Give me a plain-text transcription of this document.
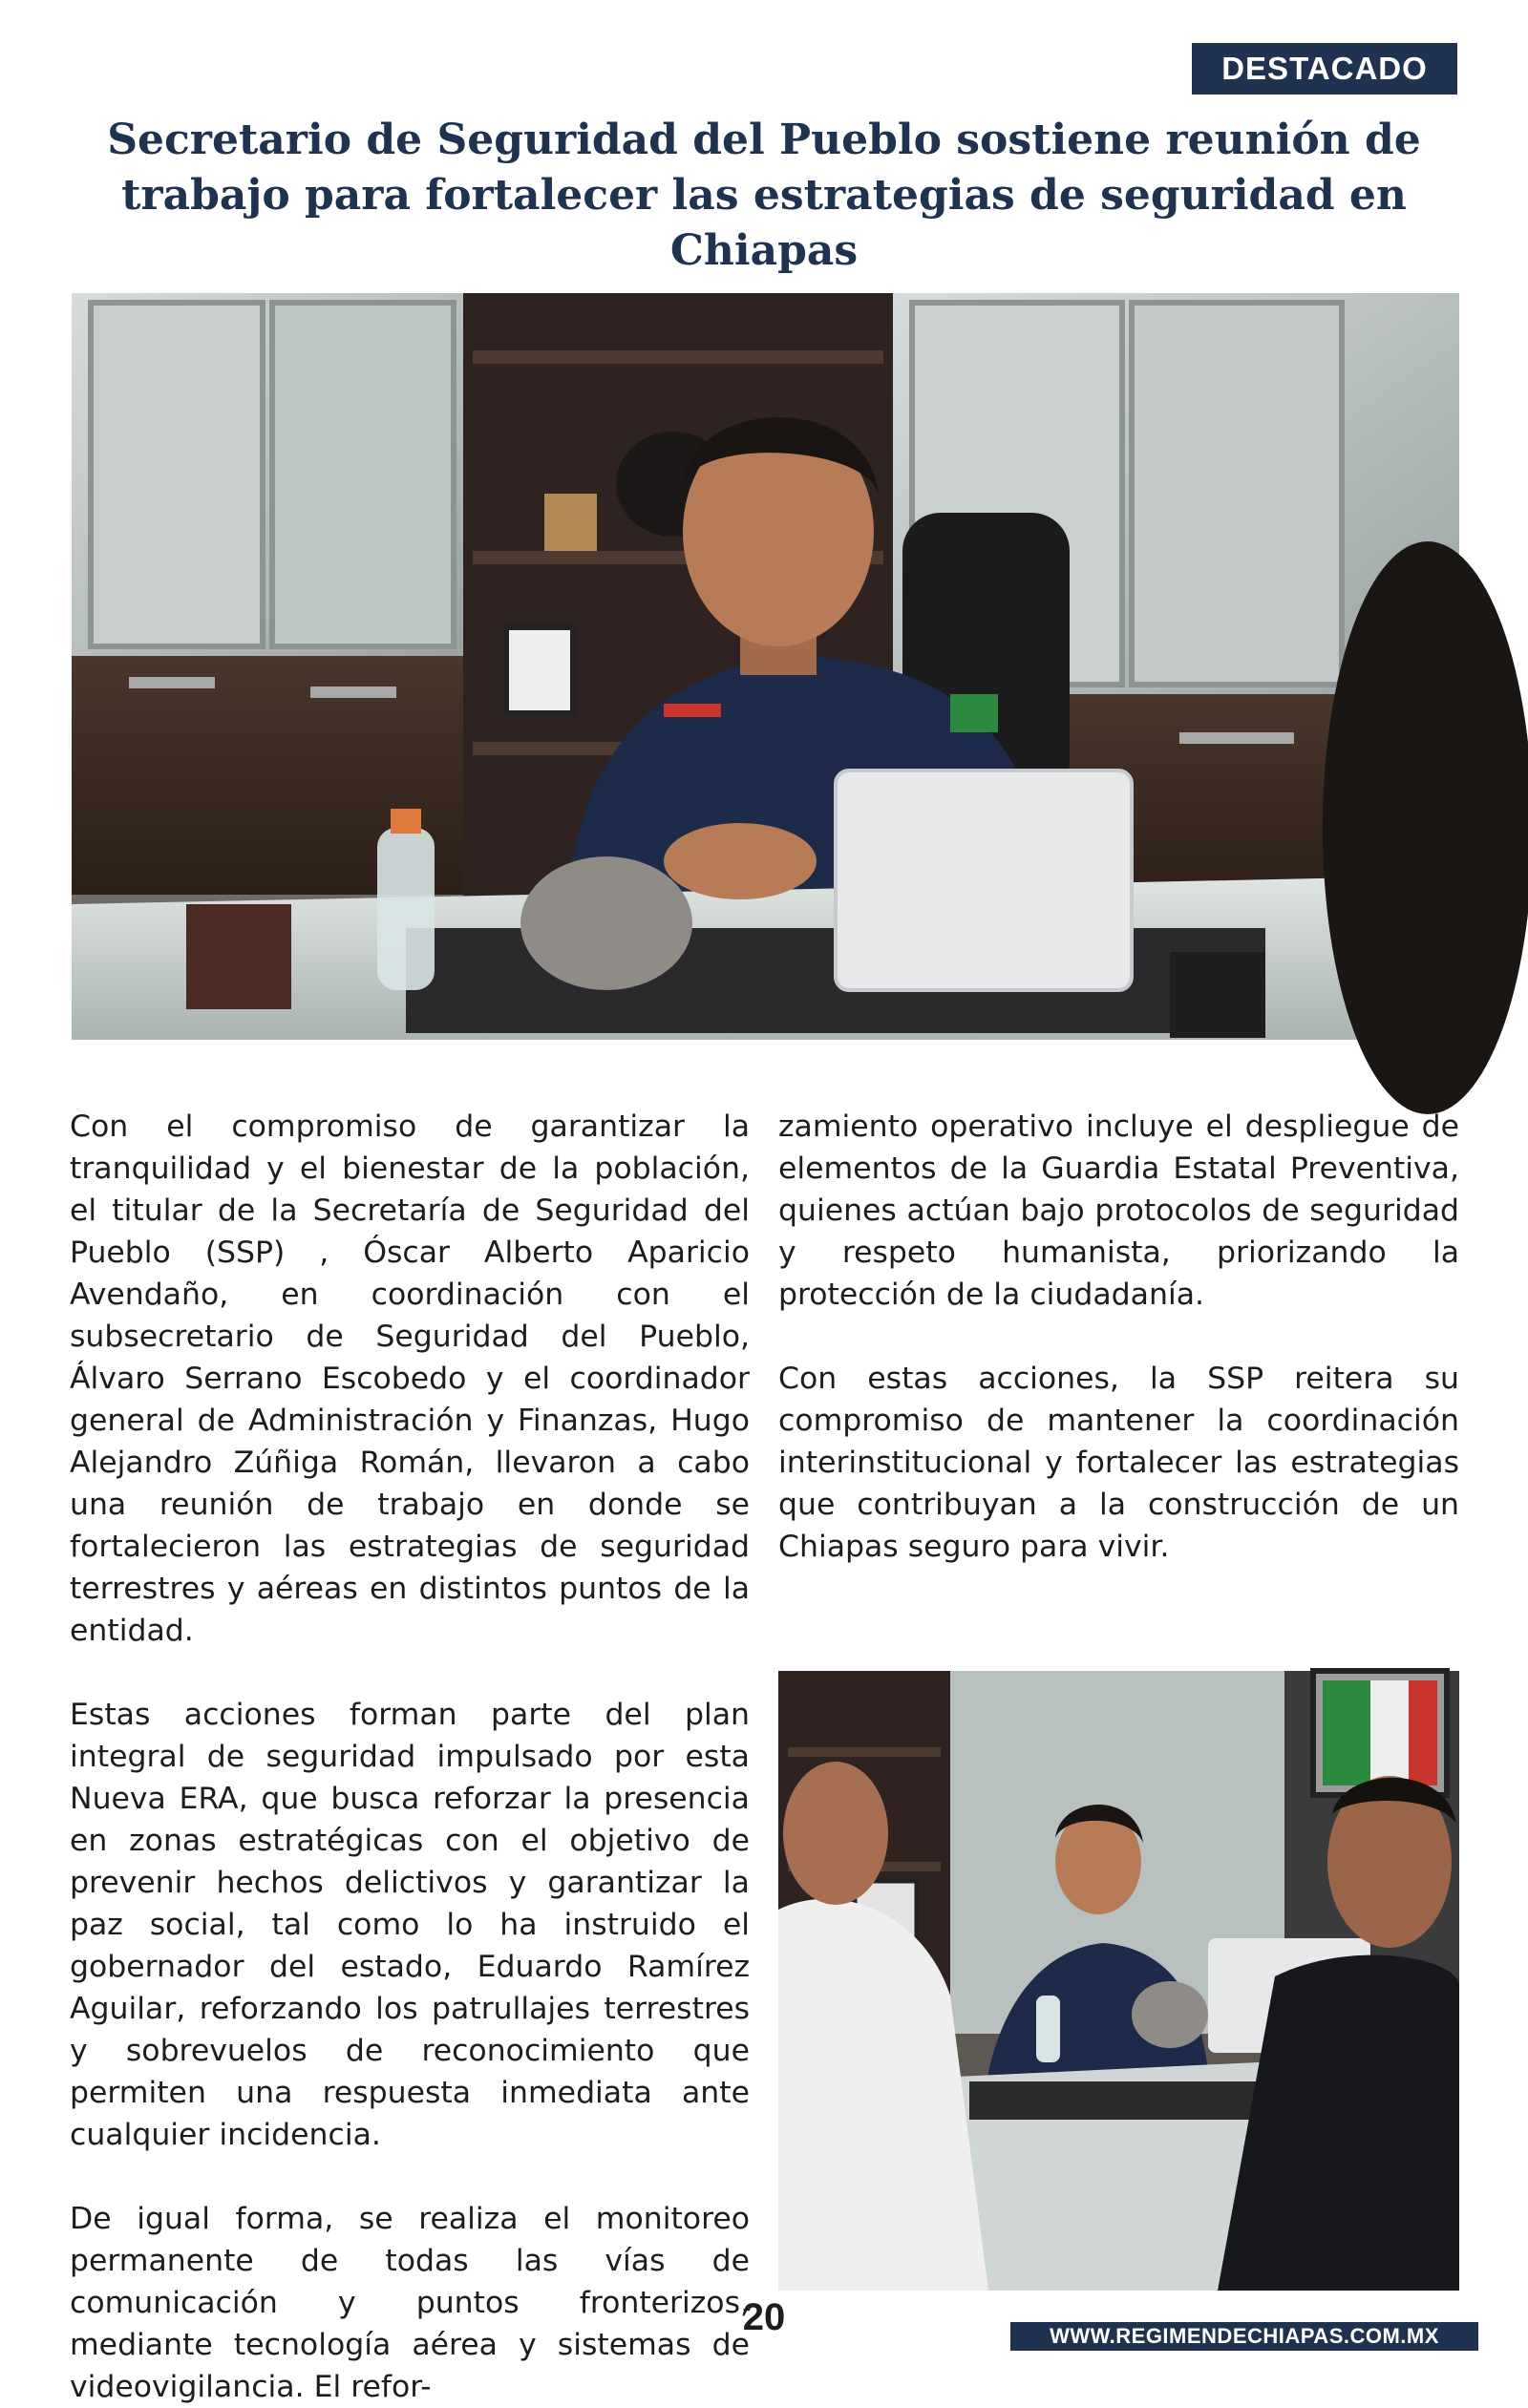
DESTACADO
Secretario de Seguridad del Pueblo sostiene reunión de trabajo para fortalecer las estrategias de seguridad en Chiapas

Con el compromiso de garantizar la tranquilidad y el bienestar de la población, el titular de la Secretaría de Seguridad del Pueblo (SSP) , Óscar Alberto Aparicio Avendaño, en coordinación con el subsecretario de Seguridad del Pueblo, Álvaro Serrano Escobedo y el coordinador general de Administración y Finanzas, Hugo Alejandro Zúñiga Román, llevaron a cabo una reunión de trabajo en donde se fortalecieron las estrategias de seguridad terrestres y aéreas en distintos puntos de la entidad.

Estas acciones forman parte del plan integral de seguridad impulsado por esta Nueva ERA, que busca reforzar la presencia en zonas estratégicas con el objetivo de prevenir hechos delictivos y garantizar la paz social, tal como lo ha instruido el gobernador del estado, Eduardo Ramírez Aguilar, reforzando los patrullajes terrestres y sobrevuelos de reconocimiento que permiten una respuesta inmediata ante cualquier incidencia.

De igual forma, se realiza el monitoreo permanente de todas las vías de comunicación y puntos fronterizos, mediante tecnología aérea y sistemas de videovigilancia. El refor-

zamiento operativo incluye el despliegue de elementos de la Guardia Estatal Preventiva, quienes actúan bajo protocolos de seguridad y respeto humanista, priorizando la protección de la ciudadanía.

Con estas acciones, la SSP reitera su compromiso de mantener la coordinación interinstitucional y fortalecer las estrategias que contribuyan a la construcción de un Chiapas seguro para vivir.

20	WWW.REGIMENDECHIAPAS.COM.MX
